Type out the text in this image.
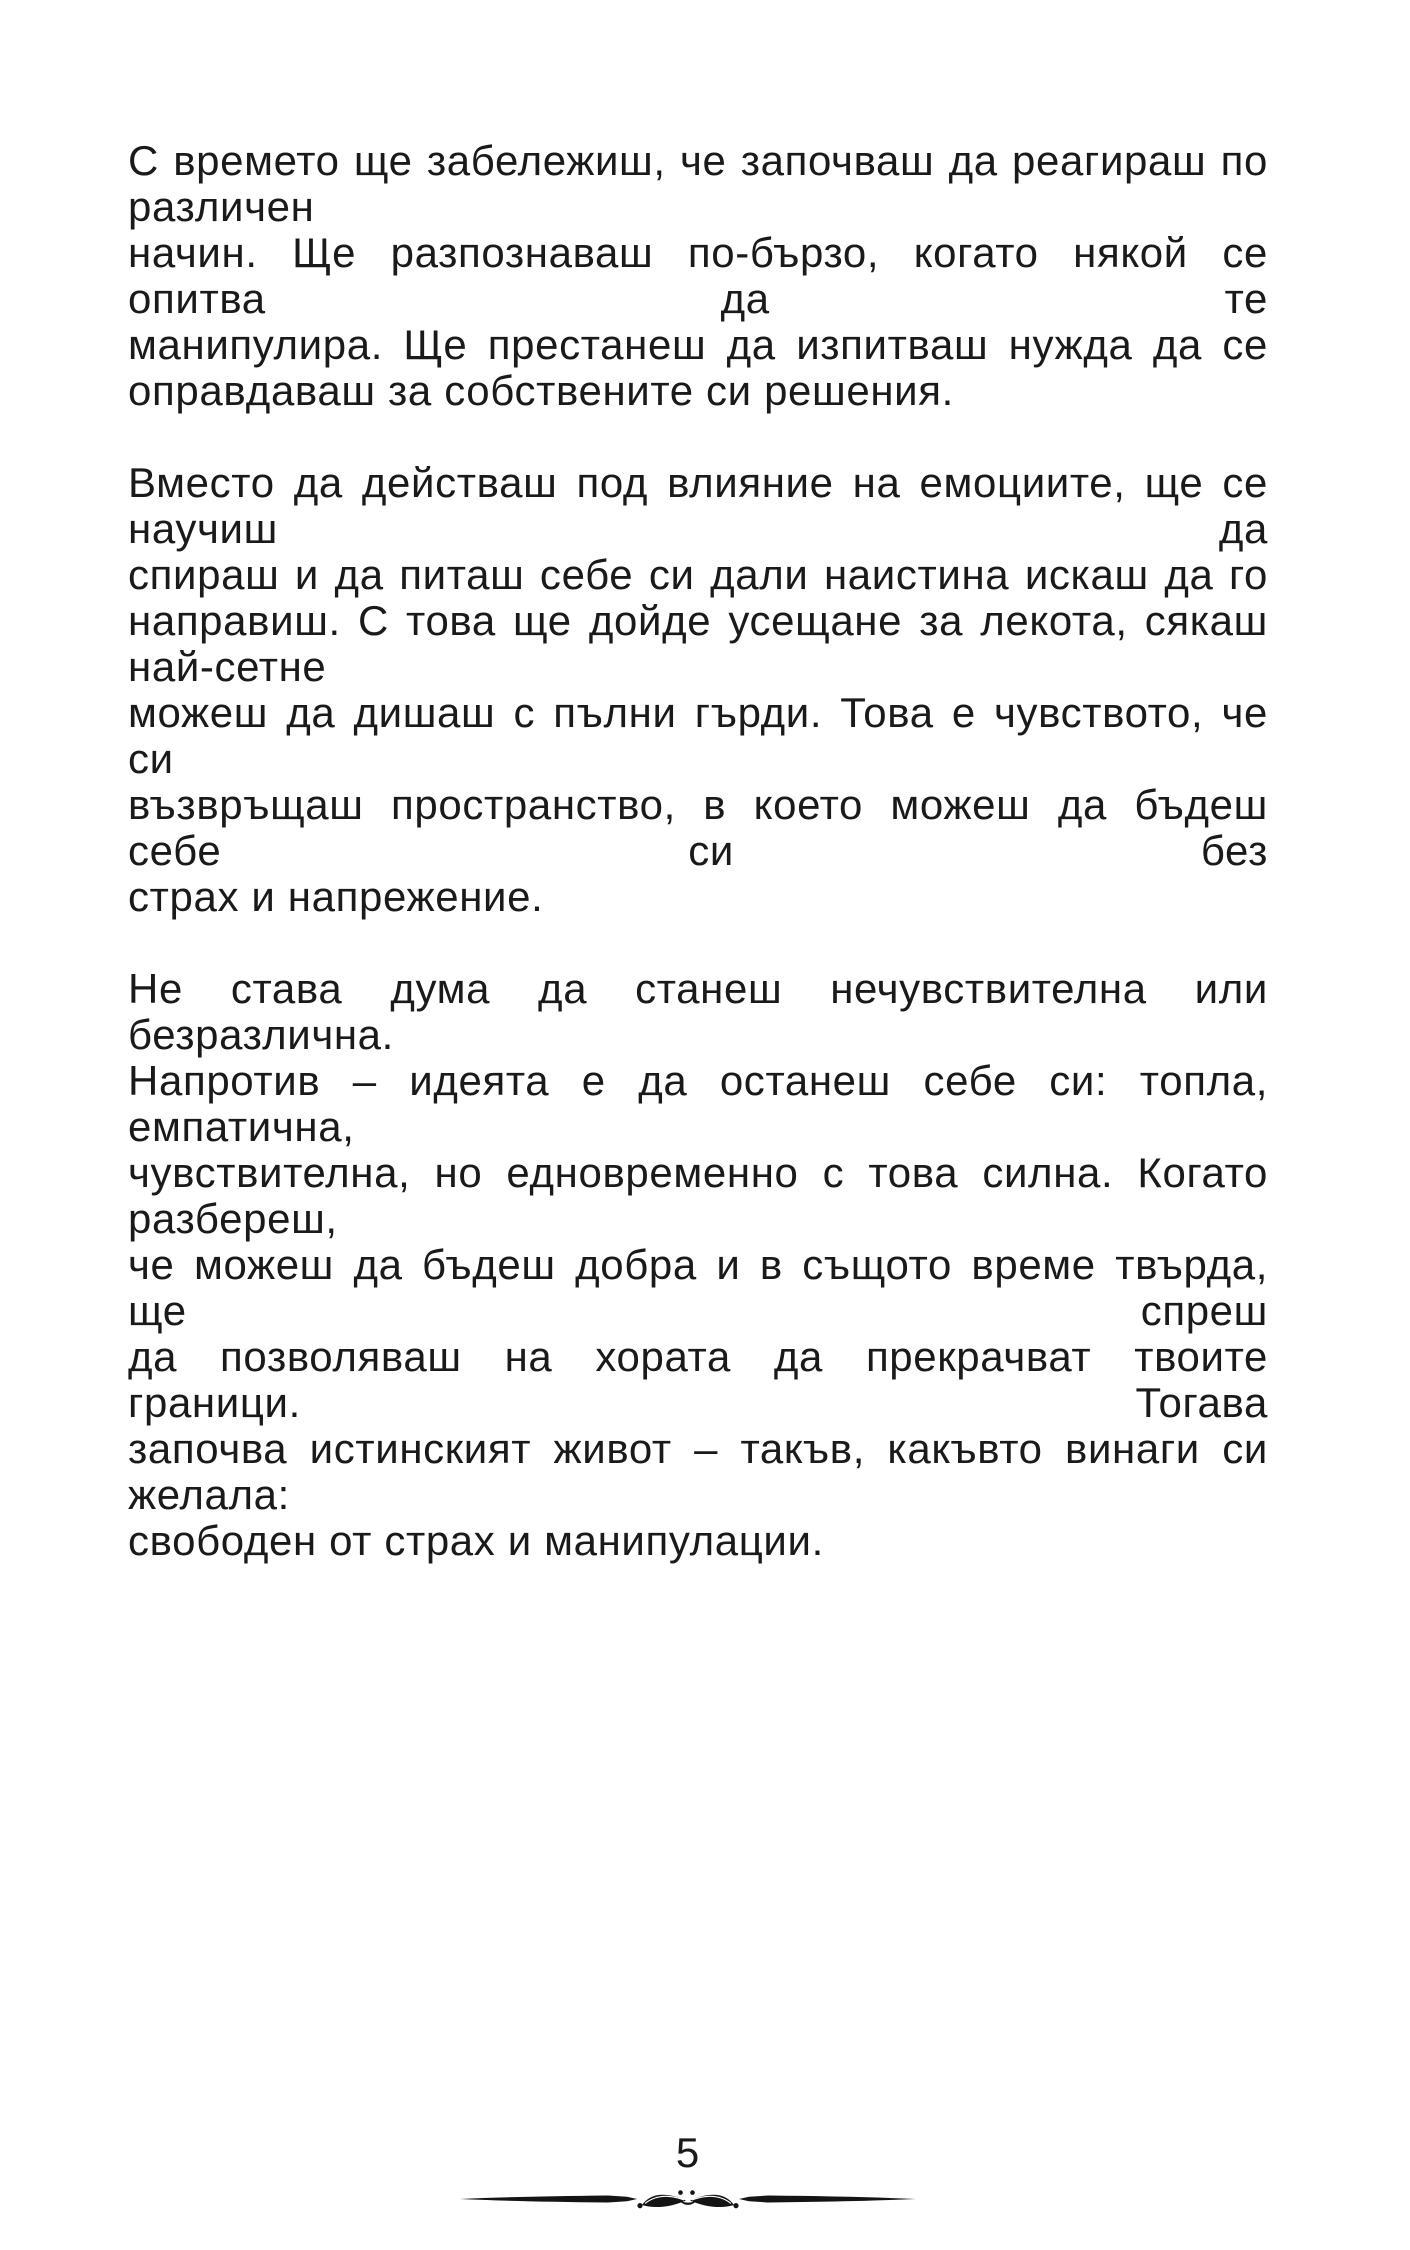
С времето ще забележиш, че започваш да реагираш по различен
начин. Ще разпознаваш по-бързо, когато някой се опитва да те
манипулира. Ще престанеш да изпитваш нужда да се
оправдаваш за собствените си решения.
Вместо да действаш под влияние на емоциите, ще се научиш да
спираш и да питаш себе си дали наистина искаш да го
направиш. С това ще дойде усещане за лекота, сякаш най-сетне
можеш да дишаш с пълни гърди. Това е чувството, че си
възвръщаш пространство, в което можеш да бъдеш себе си без
страх и напрежение.
Не става дума да станеш нечувствителна или безразлична.
Напротив – идеята е да останеш себе си: топла, емпатична,
чувствителна, но едновременно с това силна. Когато разбереш,
че можеш да бъдеш добра и в същото време твърда, ще спреш
да позволяваш на хората да прекрачват твоите граници. Тогава
започва истинският живот – такъв, какъвто винаги си желала:
свободен от страх и манипулации.
5
